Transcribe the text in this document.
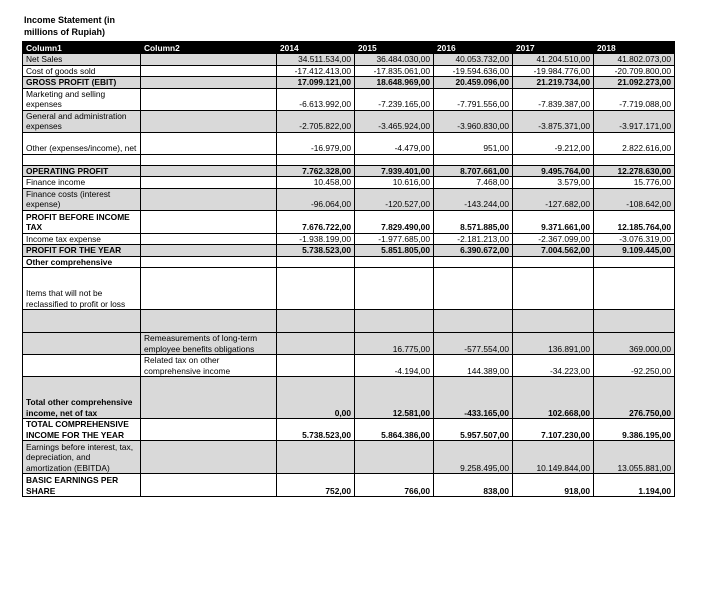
Income Statement (in millions of Rupiah)
Column1	Column2	2014	2015	2016	2017	2018
Net Sales		34.511.534,00	36.484.030,00	40.053.732,00	41.204.510,00	41.802.073,00
Cost of goods sold		-17.412.413,00	-17.835.061,00	-19.594.636,00	-19.984.776,00	-20.709.800,00
GROSS PROFIT (EBIT)		17.099.121,00	18.648.969,00	20.459.096,00	21.219.734,00	21.092.273,00
Marketing and selling expenses		-6.613.992,00	-7.239.165,00	-7.791.556,00	-7.839.387,00	-7.719.088,00
General and administration expenses		-2.705.822,00	-3.465.924,00	-3.960.830,00	-3.875.371,00	-3.917.171,00
Other (expenses/income), net		-16.979,00	-4.479,00	951,00	-9.212,00	2.822.616,00

OPERATING PROFIT		7.762.328,00	7.939.401,00	8.707.661,00	9.495.764,00	12.278.630,00
Finance income		10.458,00	10.616,00	7.468,00	3.579,00	15.776,00
Finance costs (interest expense)		-96.064,00	-120.527,00	-143.244,00	-127.682,00	-108.642,00
PROFIT BEFORE INCOME TAX		7.676.722,00	7.829.490,00	8.571.885,00	9.371.661,00	12.185.764,00
Income tax expense		-1.938.199,00	-1.977.685,00	-2.181.213,00	-2.367.099,00	-3.076.319,00
PROFIT FOR THE YEAR		5.738.523,00	5.851.805,00	6.390.672,00	7.004.562,00	9.109.445,00
Other comprehensive						
Items that will not be reclassified to profit or loss						

	Remeasurements of long-term employee benefits obligations		16.775,00	-577.554,00	136.891,00	369.000,00
	Related tax on other comprehensive income		-4.194,00	144.389,00	-34.223,00	-92.250,00
Total other comprehensive income, net of tax		0,00	12.581,00	-433.165,00	102.668,00	276.750,00
TOTAL COMPREHENSIVE INCOME FOR THE YEAR		5.738.523,00	5.864.386,00	5.957.507,00	7.107.230,00	9.386.195,00
Earnings before interest, tax, depreciation, and amortization (EBITDA)				9.258.495,00	10.149.844,00	13.055.881,00
BASIC EARNINGS PER SHARE		752,00	766,00	838,00	918,00	1.194,00
